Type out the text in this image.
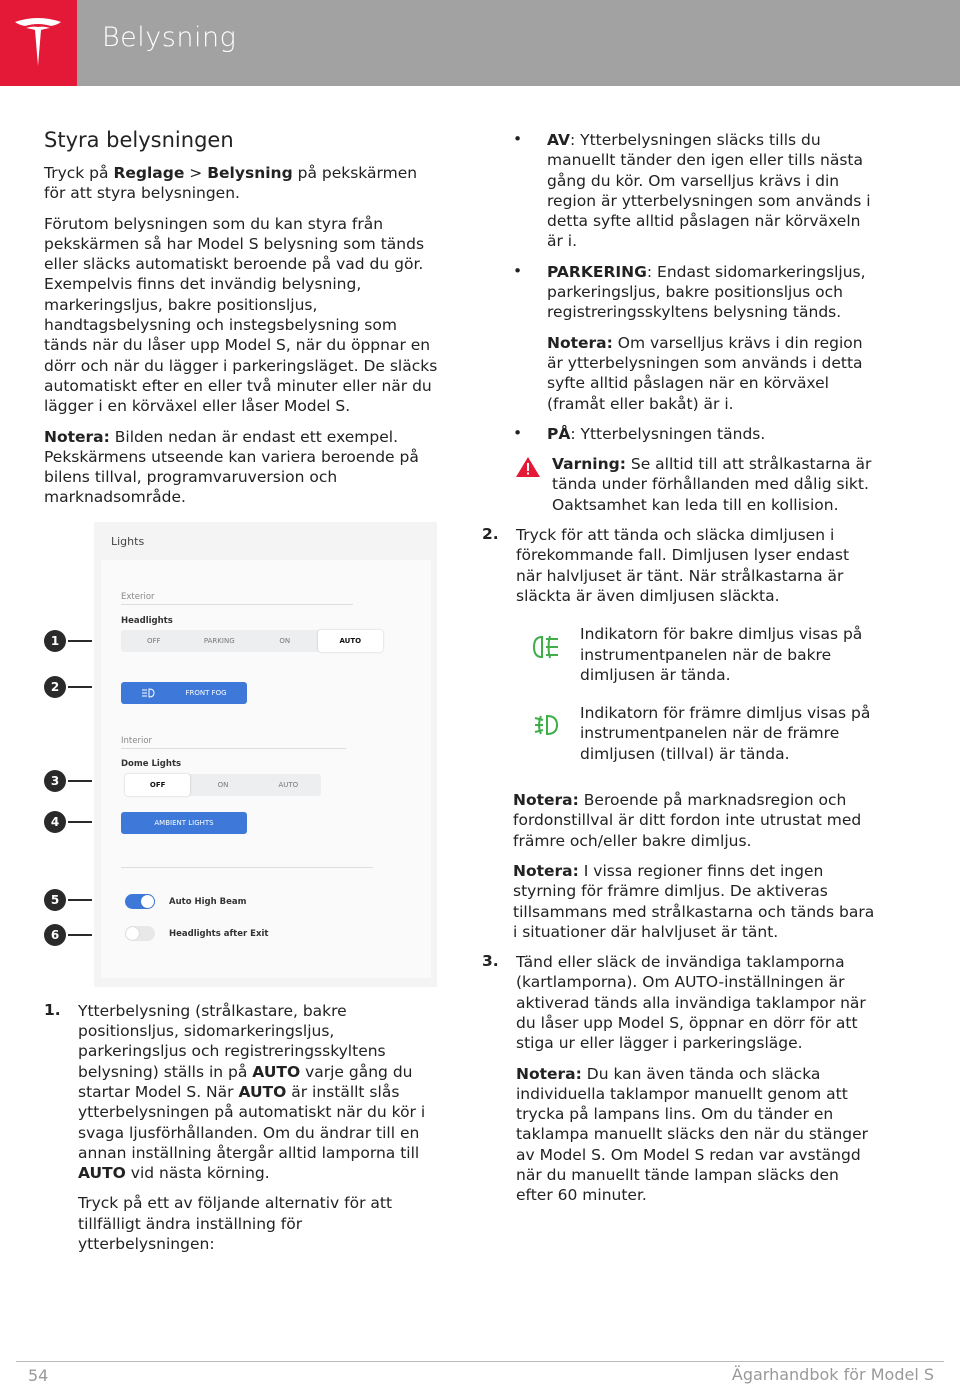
Belysning
Styra belysningen

Tryck på Reglage > Belysning på pekskärmen för att styra belysningen.

Förutom belysningen som du kan styra från pekskärmen så har Model S belysning som tänds eller släcks automatiskt beroende på vad du gör. Exempelvis finns det invändig belysning, markeringsljus, bakre positionsljus, handtagsbelysning och instegsbelysning som tänds när du låser upp Model S, när du öppnar en dörr och när du lägger i parkeringsläget. De släcks automatiskt efter en eller två minuter eller när du lägger i en körväxel eller låser Model S.

Notera: Bilden nedan är endast ett exempel. Pekskärmens utseende kan variera beroende på bilens tillval, programvaruversion och marknadsområde.

Lights
Exterior
Headlights
OFF	PARKING	ON	AUTO
FRONT FOG
Interior
Dome Lights
OFF	ON	AUTO
AMBIENT LIGHTS
Auto High Beam
Headlights after Exit
1
2
3
4
5
6
1. Ytterbelysning (strålkastare, bakre positionsljus, sidomarkeringsljus, parkeringsljus och registreringsskyltens belysning) ställs in på AUTO varje gång du startar Model S. När AUTO är inställt slås ytterbelysningen på automatiskt när du kör i svaga ljusförhållanden. Om du ändrar till en annan inställning återgår alltid lamporna till AUTO vid nästa körning.

Tryck på ett av följande alternativ för att tillfälligt ändra inställning för ytterbelysningen:

• AV: Ytterbelysningen släcks tills du manuellt tänder den igen eller tills nästa gång du kör. Om varselljus krävs i din region är ytterbelysningen som används i detta syfte alltid påslagen när körväxeln är i.

• PARKERING: Endast sidomarkeringsljus, parkeringsljus, bakre positionsljus och registreringsskyltens belysning tänds.

Notera: Om varselljus krävs i din region är ytterbelysningen som används i detta syfte alltid påslagen när en körväxel (framåt eller bakåt) är i.

• PÅ: Ytterbelysningen tänds.

Varning: Se alltid till att strålkastarna är tända under förhållanden med dålig sikt. Oaktsamhet kan leda till en kollision.

2. Tryck för att tända och släcka dimljusen i förekommande fall. Dimljusen lyser endast när halvljuset är tänt. När strålkastarna är släckta är även dimljusen släckta.

Indikatorn för bakre dimljus visas på instrumentpanelen när de bakre dimljusen är tända.
Indikatorn för främre dimljus visas på instrumentpanelen när de främre dimljusen (tillval) är tända.

Notera: Beroende på marknadsregion och fordonstillval är ditt fordon inte utrustat med främre och/eller bakre dimljus.

Notera: I vissa regioner finns det ingen styrning för främre dimljus. De aktiveras tillsammans med strålkastarna och tänds bara i situationer där halvljuset är tänt.

3. Tänd eller släck de invändiga taklamporna (kartlamporna). Om AUTO-inställningen är aktiverad tänds alla invändiga taklampor när du låser upp Model S, öppnar en dörr för att stiga ur eller lägger i parkeringsläge.

Notera: Du kan även tända och släcka individuella taklampor manuellt genom att trycka på lampans lins. Om du tänder en taklampa manuellt släcks den när du stänger av Model S. Om Model S redan var avstängd när du manuellt tände lampan släcks den efter 60 minuter.

54	Ägarhandbok för Model S
